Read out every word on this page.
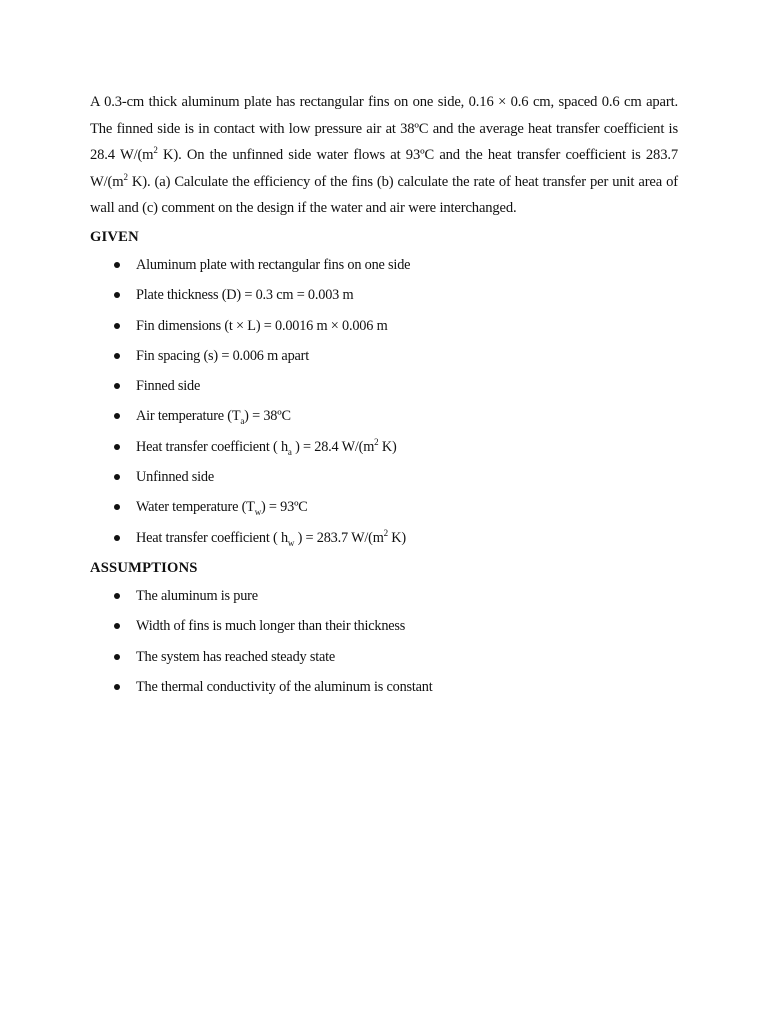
A 0.3-cm thick aluminum plate has rectangular fins on one side, 0.16 × 0.6 cm, spaced 0.6 cm apart. The finned side is in contact with low pressure air at 38ºC and the average heat transfer coefficient is 28.4 $W/(m^2$ K). On the unfinned side water flows at 93ºC and the heat transfer coefficient is 283.7 $W/(m^2$ K). (a) Calculate the efficiency of the fins (b) calculate the rate of heat transfer per unit area of wall and (c) comment on the design if the water and air were interchanged.

GIVEN
Aluminum plate with rectangular fins on one side
Plate thickness (D) = 0.3 cm = 0.003 m
Fin dimensions (t × L) = 0.0016 m × 0.006 m
Fin spacing (s) = 0.006 m apart
Finned side
Air temperature $(T_a)$ = 38ºC
Heat transfer coefficient ( $h_a$ ) = 28.4 $W/(m^2$ K)
Unfinned side
Water temperature $(T_w)$ = 93ºC
Heat transfer coefficient ( $h_w$ ) = 283.7 $W/(m^2$ K)
ASSUMPTIONS
The aluminum is pure
Width of fins is much longer than their thickness
The system has reached steady state
The thermal conductivity of the aluminum is constant
